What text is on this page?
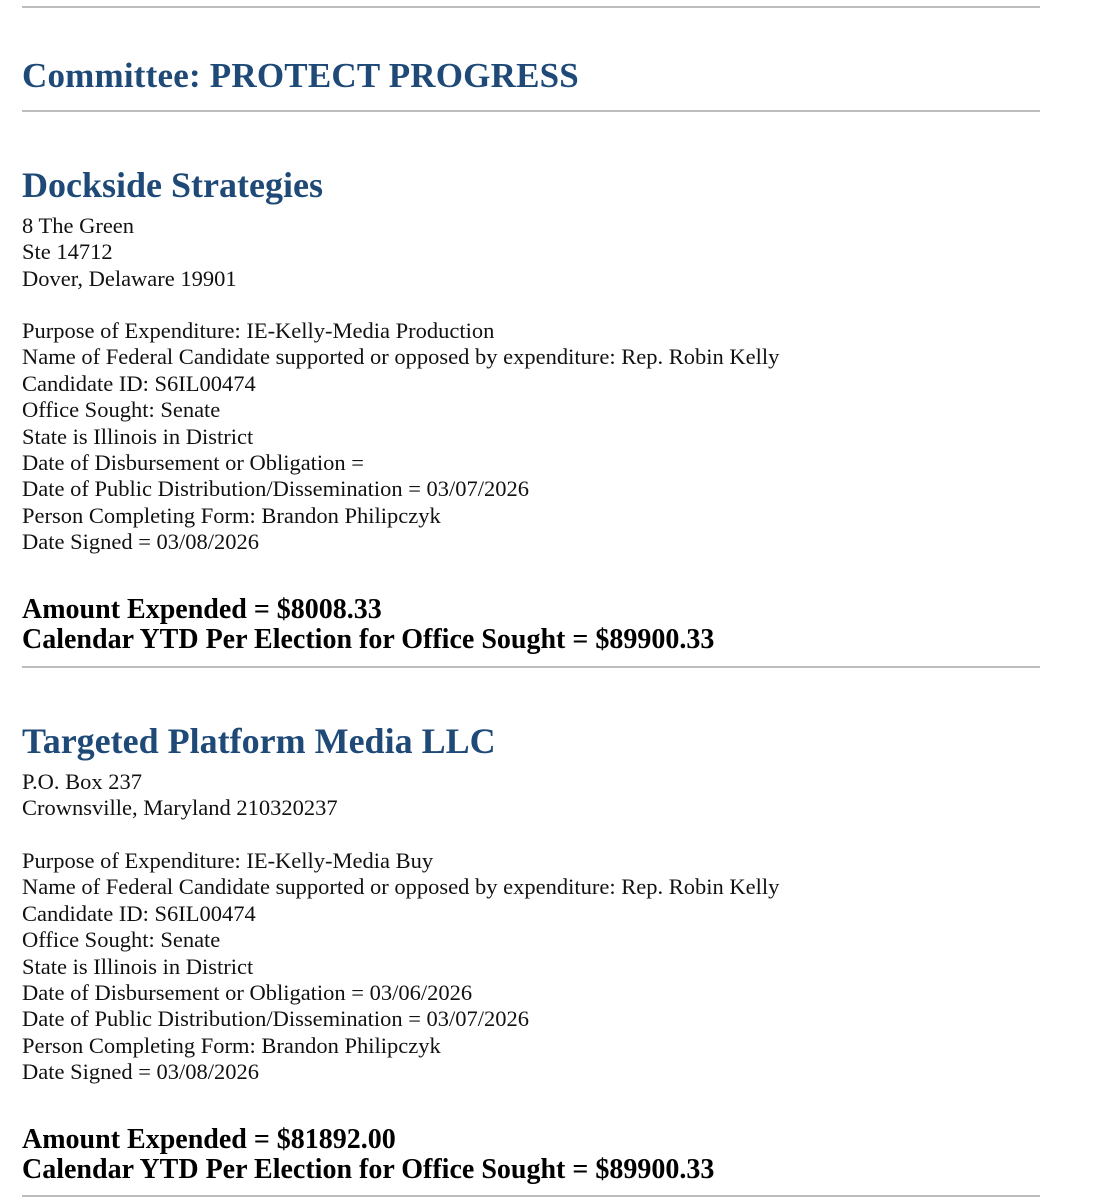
Committee: PROTECT PROGRESS
Dockside Strategies
8 The Green
Ste 14712
Dover, Delaware 19901
Purpose of Expenditure: IE-Kelly-Media Production
Name of Federal Candidate supported or opposed by expenditure: Rep. Robin Kelly
Candidate ID: S6IL00474
Office Sought: Senate
State is Illinois in District
Date of Disbursement or Obligation =
Date of Public Distribution/Dissemination = 03/07/2026
Person Completing Form: Brandon Philipczyk
Date Signed = 03/08/2026
Amount Expended = $8008.33
Calendar YTD Per Election for Office Sought = $89900.33
Targeted Platform Media LLC
P.O. Box 237
Crownsville, Maryland 210320237
Purpose of Expenditure: IE-Kelly-Media Buy
Name of Federal Candidate supported or opposed by expenditure: Rep. Robin Kelly
Candidate ID: S6IL00474
Office Sought: Senate
State is Illinois in District
Date of Disbursement or Obligation = 03/06/2026
Date of Public Distribution/Dissemination = 03/07/2026
Person Completing Form: Brandon Philipczyk
Date Signed = 03/08/2026
Amount Expended = $81892.00
Calendar YTD Per Election for Office Sought = $89900.33
